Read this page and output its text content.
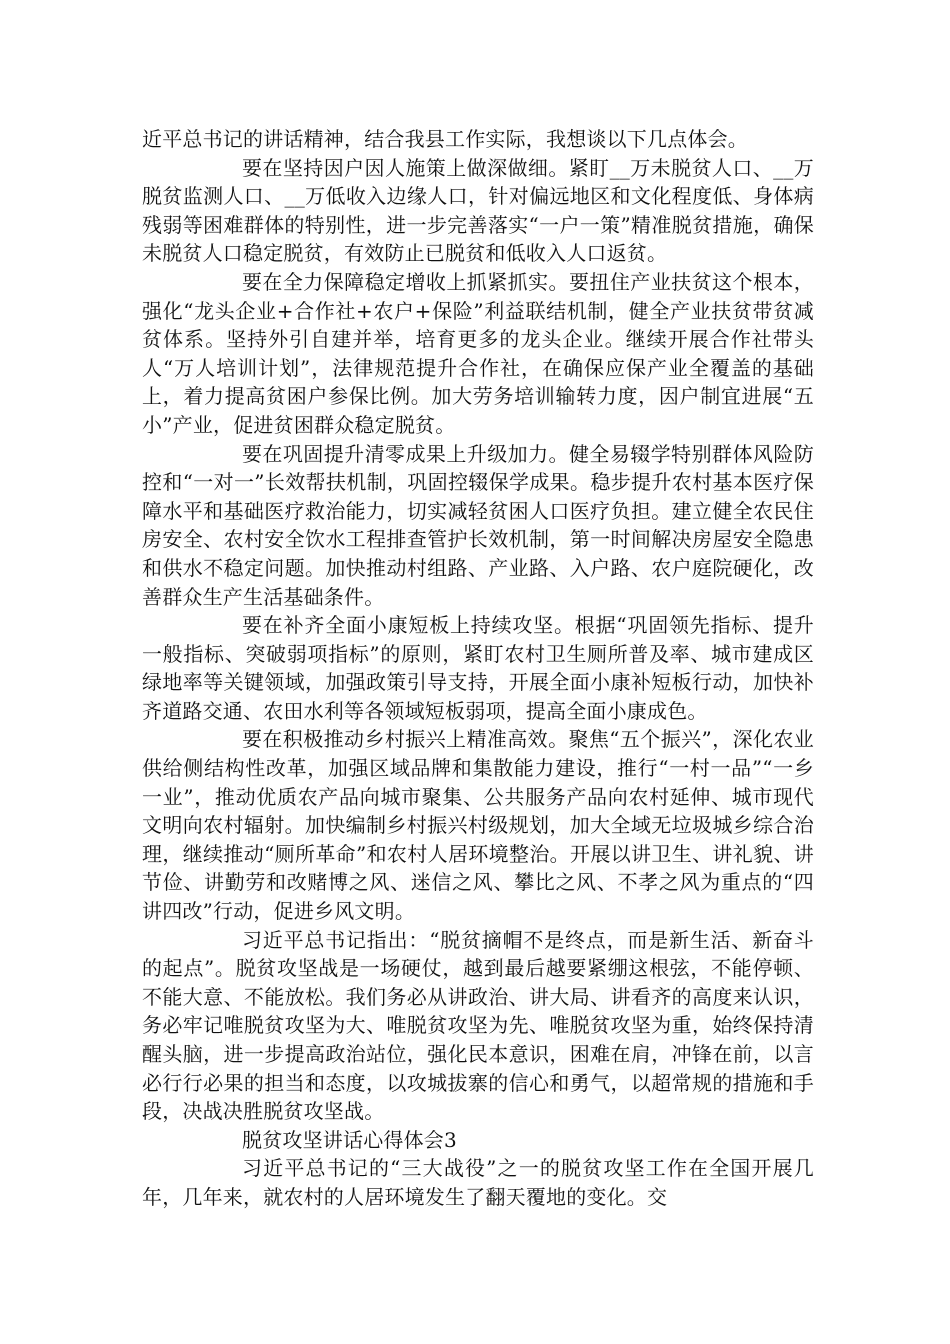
近平总书记的讲话精神，结合我县工作实际，我想谈以下几点体会。

要在坚持因户因人施策上做深做细。紧盯__万未脱贫人口、__万脱贫监测人口、__万低收入边缘人口，针对偏远地区和文化程度低、身体病残弱等困难群体的特别性，进一步完善落实“一户一策”精准脱贫措施，确保未脱贫人口稳定脱贫，有效防止已脱贫和低收入人口返贫。

要在全力保障稳定增收上抓紧抓实。要扭住产业扶贫这个根本，强化“龙头企业+合作社+农户+保险”利益联结机制，健全产业扶贫带贫减贫体系。坚持外引自建并举，培育更多的龙头企业。继续开展合作社带头人“万人培训计划”，法律规范提升合作社，在确保应保产业全覆盖的基础上，着力提高贫困户参保比例。加大劳务培训输转力度，因户制宜进展“五小”产业，促进贫困群众稳定脱贫。

要在巩固提升清零成果上升级加力。健全易辍学特别群体风险防控和“一对一”长效帮扶机制，巩固控辍保学成果。稳步提升农村基本医疗保障水平和基础医疗救治能力，切实减轻贫困人口医疗负担。建立健全农民住房安全、农村安全饮水工程排查管护长效机制，第一时间解决房屋安全隐患和供水不稳定问题。加快推动村组路、产业路、入户路、农户庭院硬化，改善群众生产生活基础条件。

要在补齐全面小康短板上持续攻坚。根据“巩固领先指标、提升一般指标、突破弱项指标”的原则，紧盯农村卫生厕所普及率、城市建成区绿地率等关键领域，加强政策引导支持，开展全面小康补短板行动，加快补齐道路交通、农田水利等各领域短板弱项，提高全面小康成色。

要在积极推动乡村振兴上精准高效。聚焦“五个振兴”，深化农业供给侧结构性改革，加强区域品牌和集散能力建设，推行“一村一品”“一乡一业”，推动优质农产品向城市聚集、公共服务产品向农村延伸、城市现代文明向农村辐射。加快编制乡村振兴村级规划，加大全域无垃圾城乡综合治理，继续推动“厕所革命”和农村人居环境整治。开展以讲卫生、讲礼貌、讲节俭、讲勤劳和改赌博之风、迷信之风、攀比之风、不孝之风为重点的“四讲四改”行动，促进乡风文明。

习近平总书记指出：“脱贫摘帽不是终点，而是新生活、新奋斗的起点”。脱贫攻坚战是一场硬仗，越到最后越要紧绷这根弦，不能停顿、不能大意、不能放松。我们务必从讲政治、讲大局、讲看齐的高度来认识，务必牢记唯脱贫攻坚为大、唯脱贫攻坚为先、唯脱贫攻坚为重，始终保持清醒头脑，进一步提高政治站位，强化民本意识，困难在肩，冲锋在前，以言必行行必果的担当和态度，以攻城拔寨的信心和勇气，以超常规的措施和手段，决战决胜脱贫攻坚战。

脱贫攻坚讲话心得体会3

习近平总书记的“三大战役”之一的脱贫攻坚工作在全国开展几年，几年来，就农村的人居环境发生了翻天覆地的变化。交
